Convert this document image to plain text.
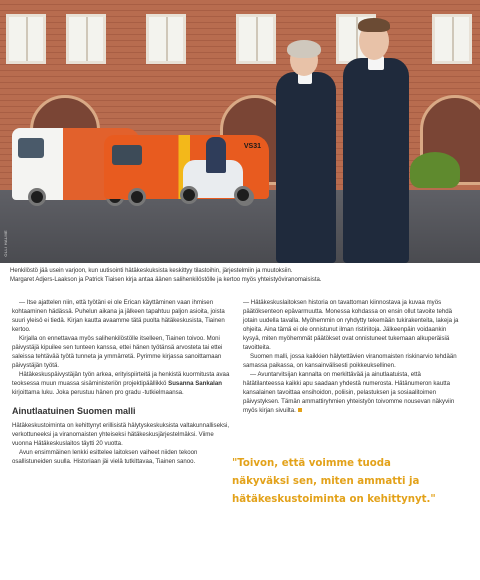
VS31
OLLI HALME
Henkilöstö jää usein varjoon, kun uutisointi hätäkeskuksista keskittyy tilastoihin, järjestelmiin ja muutoksiin.
Margaret Adjers-Laakson ja Patrick Tiaisen kirja antaa äänen salihenkilöstölle ja kertoo myös yhteistyöviranomaisista.

— Itse ajattelen niin, että työtäni ei ole Erican käyttäminen vaan ihmisen kohtaaminen hädässä. Puhelun aikana ja jälkeen tapahtuu paljon asioita, joista suuri yleisö ei tiedä. Kirjan kautta avaamme tätä puolta hätäkeskusista, Tiainen kertoo.

Kirjalla on ennettavaa myös salihenkilöstölle itselleen, Tiainen toivoo. Moni päivystäjä kipuilee sen tunteen kanssa, ettei hänen työtänsä arvosteta tai ettei saleissa tehtävää työtä tunneta ja ymmärretä. Pyrimme kirjassa sanoittamaan päivystäjän työtä.

Hätäkeskuspäivystäjän työn arkea, erityispiirteitä ja henkistä kuormitusta avaa teoksessa muun muassa sisäministeriön projektipäällikkö Susanna Sankalan kirjoittama luku. Joka perustuu hänen pro gradu -tutkielmaansa.

Ainutlaatuinen Suomen malli

Hätäkeskustoiminta on kehittynyt erillisistä hälytyskeskuksista valtakunnalliseksi, verkottuneeksi ja viranomaisten yhteiseksi hätäkeskusjärjestelmäksi. Viime vuonna Hätäkeskuslaitos täytti 20 vuotta.

Avun ensimmäinen lenkki esittelee laitoksen vaiheet niiden tekoon osallistuneiden suulla. Historiaan jäi vielä tutkittavaa, Tiainen sanoo.

— Hätäkeskuslaitoksen historia on tavattoman kiinnostava ja kuvaa myös päätöksenteon epävarmuutta. Monessa kohdassa on ensin ollut tavoite tehdä jotain uudella tavalla. Myöhemmin on ryhdytty tekemään tukirakenteita, lakeja ja ohjeita. Aina tämä ei ole onnistunut ilman ristiriitoja. Jälkeenpäin voidaankin kysyä, miten myöhemmät päätökset ovat onnistuneet tukemaan alkuperäisiä tavoitteita.

Suomen malli, jossa kaikkien hälytettävien viranomaisten riskinarvio tehdään samassa paikassa, on kansainvälisesti poikkeuksellinen.

— Avuntarvitsijan kannalta on merkittävää ja ainutlaatuista, että hätätilanteessa kaikki apu saadaan yhdestä numerosta. Hätänumeron kautta kansalainen tavoittaa ensihoidon, poliisin, pelastuksen ja sosiaalitoimen päivystyksen. Tämän ammattiryhmien yhteistyön toivomme nousevan näkyviin myös kirjan sivuilta.

"Toivon, että voimme tuoda
näkyväksi sen, miten ammatti ja
hätäkeskustoiminta on kehittynyt."
